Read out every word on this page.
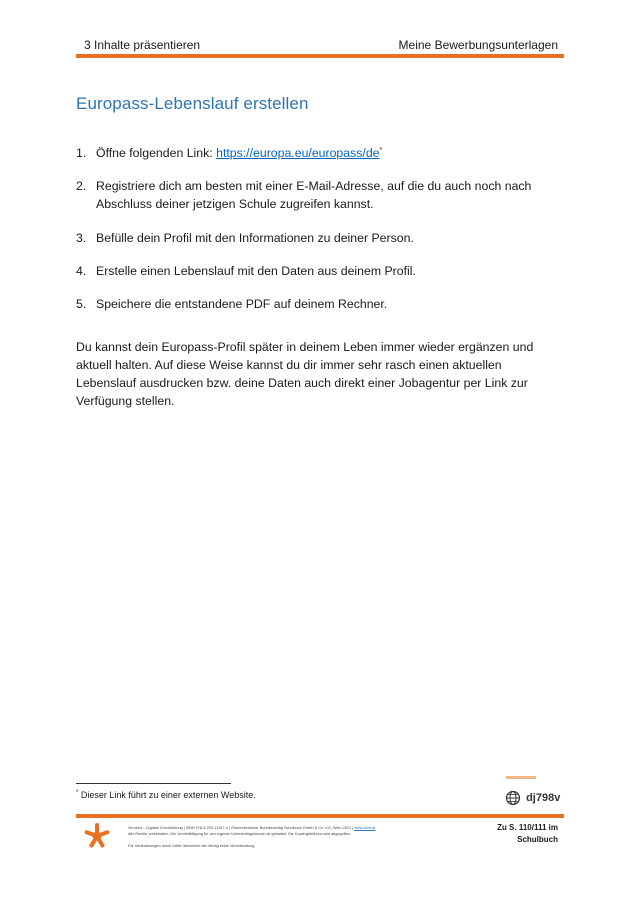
3 Inhalte präsentieren	Meine Bewerbungsunterlagen
Europass-Lebenslauf erstellen
1. Öffne folgenden Link: https://europa.eu/europass/de*
2. Registriere dich am besten mit einer E-Mail-Adresse, auf die du auch noch nach Abschluss deiner jetzigen Schule zugreifen kannst.
3. Befülle dein Profil mit den Informationen zu deiner Person.
4. Erstelle einen Lebenslauf mit den Daten aus deinem Profil.
5. Speichere die entstandene PDF auf deinem Rechner.

Du kannst dein Europass-Profil später in deinem Leben immer wieder ergänzen und aktuell halten. Auf diese Weise kannst du dir immer sehr rasch einen aktuellen Lebenslauf ausdrucken bzw. deine Daten auch direkt einer Jobagentur per Link zur Verfügung stellen.

* Dieser Link führt zu einer externen Website.	dj798v

Vernetzt – Digitale Grundbildung | ISBN 978-3-209-11347-4 | Österreichischer Bundesverlag Schulbuch GmbH & Co. KG, Wien 2021 | www.oebv.at

Alle Rechte vorbehalten. Die Vervielfältigung für den eigenen Unterrichtsgebrauch ist gestattet. Die Kopiergebühren sind abgegolten.

Für Veränderungen durch Dritte übernimmt der Verlag keine Verantwortung.

Zu S. 110/111 im
Schulbuch
